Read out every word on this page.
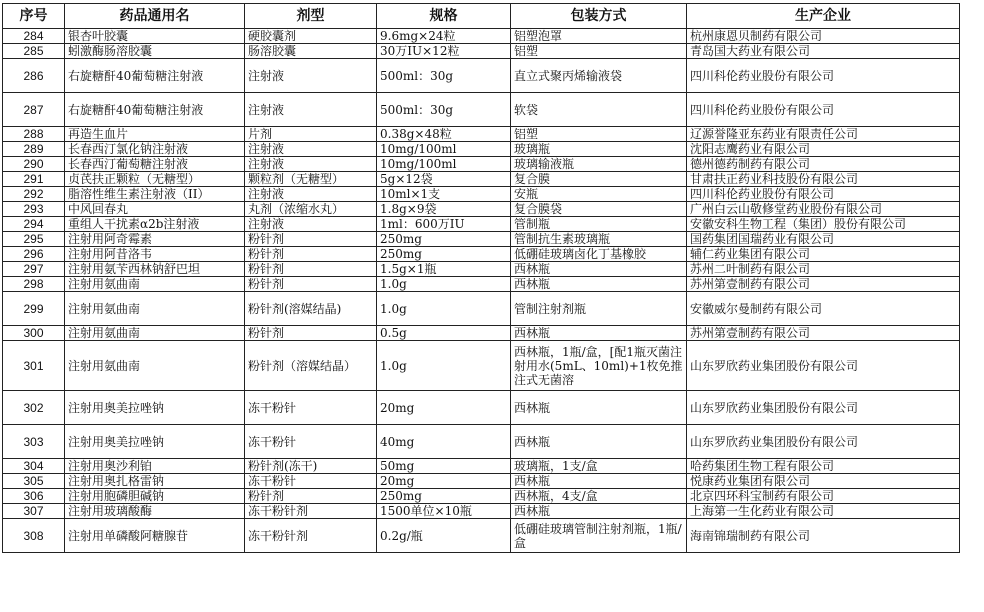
序号	药品通用名	剂型	规格	包装方式	生产企业
284	银杏叶胶囊	硬胶囊剂	9.6mg×24粒	铝塑泡罩	杭州康恩贝制药有限公司
285	蚓激酶肠溶胶囊	肠溶胶囊	30万IU×12粒	铝塑	青岛国大药业有限公司
286	右旋糖酐40葡萄糖注射液	注射液	500ml：30g	直立式聚丙烯输液袋	四川科伦药业股份有限公司
287	右旋糖酐40葡萄糖注射液	注射液	500ml：30g	软袋	四川科伦药业股份有限公司
288	再造生血片	片剂	0.38g×48粒	铝塑	辽源誉隆亚东药业有限责任公司
289	长春西汀氯化钠注射液	注射液	10mg/100ml	玻璃瓶	沈阳志鹰药业有限公司
290	长春西汀葡萄糖注射液	注射液	10mg/100ml	玻璃输液瓶	德州德药制药有限公司
291	贞芪扶正颗粒（无糖型）	颗粒剂（无糖型）	5g×12袋	复合膜	甘肃扶正药业科技股份有限公司
292	脂溶性维生素注射液（II）	注射液	10ml×1支	安瓶	四川科伦药业股份有限公司
293	中风回春丸	丸剂（浓缩水丸）	1.8g×9袋	复合膜袋	广州白云山敬修堂药业股份有限公司
294	重组人干扰素α2b注射液	注射液	1ml：600万IU	管制瓶	安徽安科生物工程（集团）股份有限公司
295	注射用阿奇霉素	粉针剂	250mg	管制抗生素玻璃瓶	国药集团国瑞药业有限公司
296	注射用阿昔洛韦	粉针剂	250mg	低硼硅玻璃卤化丁基橡胶	辅仁药业集团有限公司
297	注射用氨苄西林钠舒巴坦	粉针剂	1.5g×1瓶	西林瓶	苏州二叶制药有限公司
298	注射用氨曲南	粉针剂	1.0g	西林瓶	苏州第壹制药有限公司
299	注射用氨曲南	粉针剂(溶媒结晶)	1.0g	管制注射剂瓶	安徽威尔曼制药有限公司
300	注射用氨曲南	粉针剂	0.5g	西林瓶	苏州第壹制药有限公司
301	注射用氨曲南	粉针剂（溶媒结晶）	1.0g	西林瓶，1瓶/盒，[配1瓶灭菌注射用水(5mL、10ml)+1枚免推注式无菌溶	山东罗欣药业集团股份有限公司
302	注射用奥美拉唑钠	冻干粉针	20mg	西林瓶	山东罗欣药业集团股份有限公司
303	注射用奥美拉唑钠	冻干粉针	40mg	西林瓶	山东罗欣药业集团股份有限公司
304	注射用奥沙利铂	粉针剂(冻干)	50mg	玻璃瓶，1支/盒	哈药集团生物工程有限公司
305	注射用奥扎格雷钠	冻干粉针	20mg	西林瓶	悦康药业集团有限公司
306	注射用胞磷胆碱钠	粉针剂	250mg	西林瓶，4支/盒	北京四环科宝制药有限公司
307	注射用玻璃酸酶	冻干粉针剂	1500单位×10瓶	西林瓶	上海第一生化药业有限公司
308	注射用单磷酸阿糖腺苷	冻干粉针剂	0.2g/瓶	低硼硅玻璃管制注射剂瓶，1瓶/盒	海南锦瑞制药有限公司
